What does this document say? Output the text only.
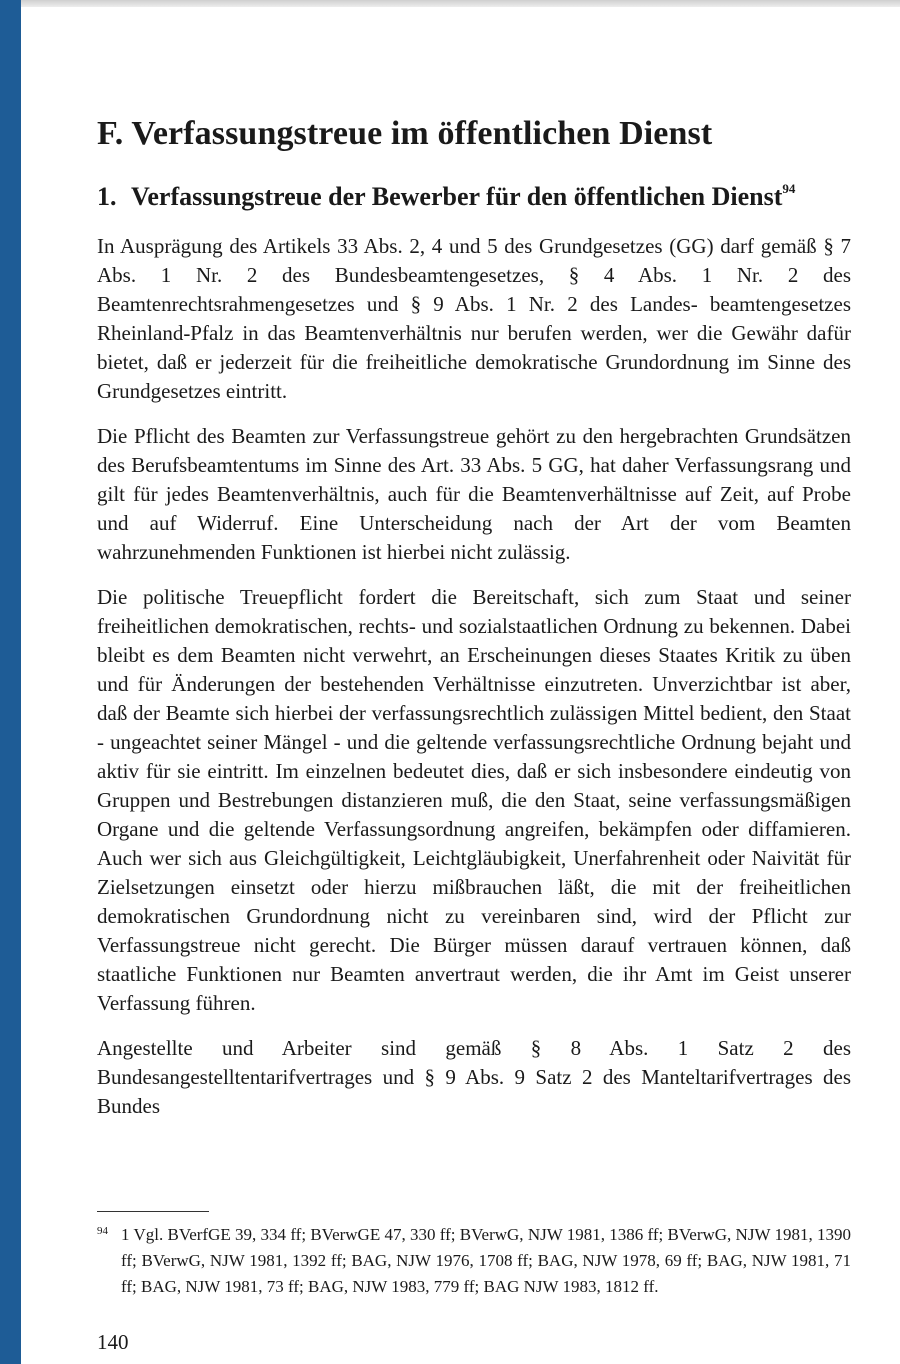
F. Verfassungstreue im öffentlichen Dienst
1. Verfassungstreue der Bewerber für den öffentlichen Dienst$^{94}$

In Ausprägung des Artikels 33 Abs. 2, 4 und 5 des Grundgesetzes (GG) darf gemäß § 7 Abs. 1 Nr. 2 des Bundesbeamtengesetzes, § 4 Abs. 1 Nr. 2 des Beamtenrechtsrahmengesetzes und § 9 Abs. 1 Nr. 2 des Landes- beamtengesetzes Rheinland-Pfalz in das Beamtenverhältnis nur berufen werden, wer die Gewähr dafür bietet, daß er jederzeit für die freiheitliche demokratische Grundordnung im Sinne des Grundgesetzes eintritt.

Die Pflicht des Beamten zur Verfassungstreue gehört zu den hergebrachten Grundsätzen des Berufsbeamtentums im Sinne des Art. 33 Abs. 5 GG, hat daher Verfassungsrang und gilt für jedes Beamtenverhältnis, auch für die Beamtenverhältnisse auf Zeit, auf Probe und auf Widerruf. Eine Unterscheidung nach der Art der vom Beamten wahrzunehmenden Funktionen ist hierbei nicht zulässig.

Die politische Treuepflicht fordert die Bereitschaft, sich zum Staat und seiner freiheitlichen demokratischen, rechts- und sozialstaatlichen Ordnung zu bekennen. Dabei bleibt es dem Beamten nicht verwehrt, an Erscheinungen dieses Staates Kritik zu üben und für Änderungen der bestehenden Verhältnisse einzutreten. Unverzichtbar ist aber, daß der Beamte sich hierbei der verfassungsrechtlich zulässigen Mittel bedient, den Staat - ungeachtet seiner Mängel - und die geltende verfassungsrechtliche Ordnung bejaht und aktiv für sie eintritt. Im einzelnen bedeutet dies, daß er sich insbesondere eindeutig von Gruppen und Bestrebungen distanzieren muß, die den Staat, seine verfassungsmäßigen Organe und die geltende Verfassungsordnung angreifen, bekämpfen oder diffamieren. Auch wer sich aus Gleichgültigkeit, Leichtgläubigkeit, Unerfahrenheit oder Naivität für Zielsetzungen einsetzt oder hierzu mißbrauchen läßt, die mit der freiheitlichen demokratischen Grundordnung nicht zu vereinbaren sind, wird der Pflicht zur Verfassungstreue nicht gerecht. Die Bürger müssen darauf vertrauen können, daß staatliche Funktionen nur Beamten anvertraut werden, die ihr Amt im Geist unserer Verfassung führen.

Angestellte und Arbeiter sind gemäß § 8 Abs. 1 Satz 2 des Bundesangestelltentarifvertrages und § 9 Abs. 9 Satz 2 des Manteltarifvertrages des Bundes

94 1 Vgl. BVerfGE 39, 334 ff; BVerwGE 47, 330 ff; BVerwG, NJW 1981, 1386 ff; BVerwG, NJW 1981, 1390 ff; BVerwG, NJW 1981, 1392 ff; BAG, NJW 1976, 1708 ff; BAG, NJW 1978, 69 ff; BAG, NJW 1981, 71 ff; BAG, NJW 1981, 73 ff; BAG, NJW 1983, 779 ff; BAG NJW 1983, 1812 ff.
140
